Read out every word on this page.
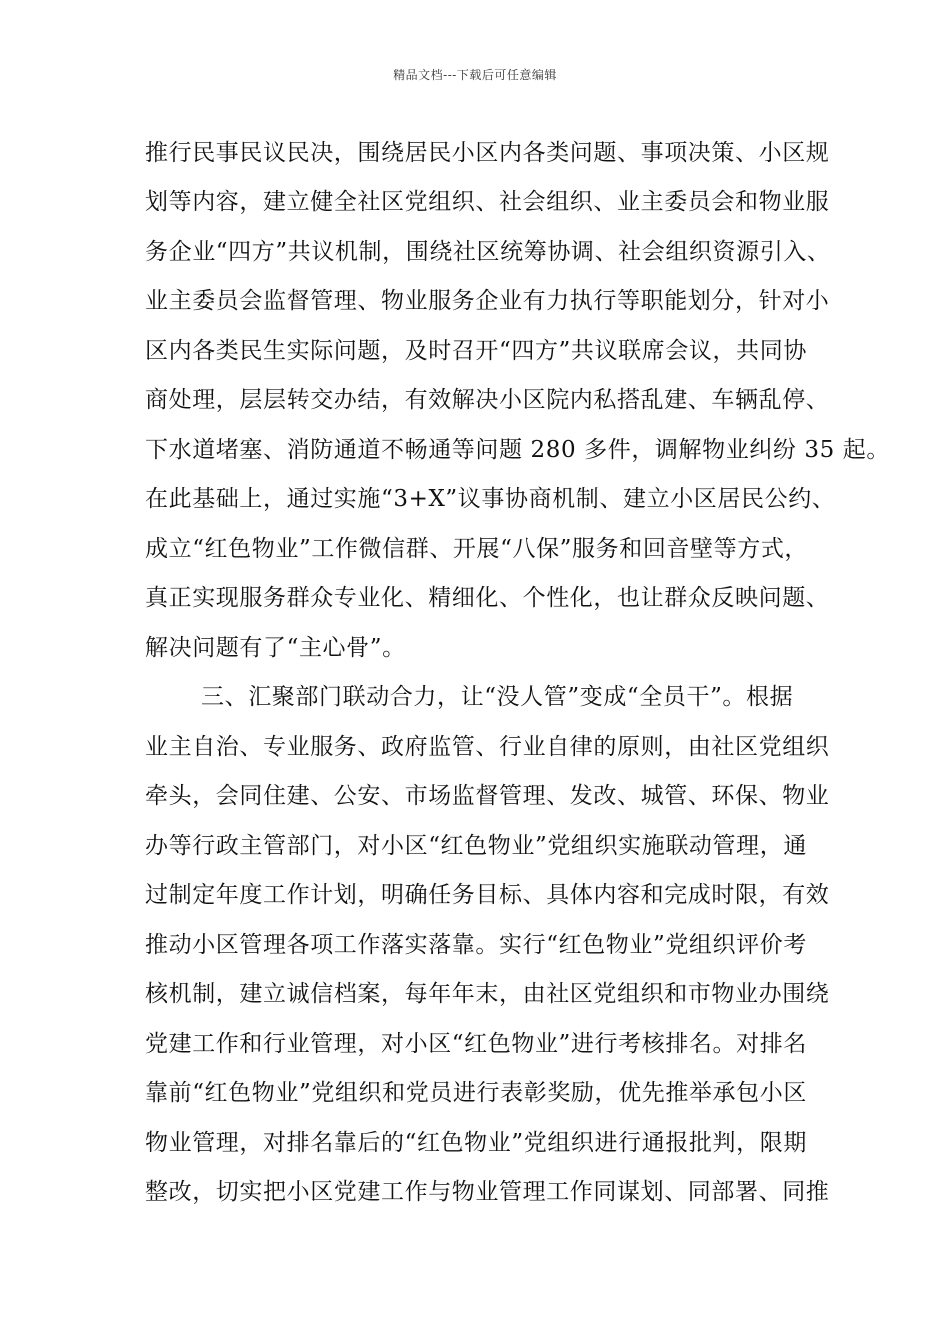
精品文档---下载后可任意编辑
推行民事民议民决，围绕居民小区内各类问题、事项决策、小区规
划等内容，建立健全社区党组织、社会组织、业主委员会和物业服
务企业“四方”共议机制，围绕社区统筹协调、社会组织资源引入、
业主委员会监督管理、物业服务企业有力执行等职能划分，针对小
区内各类民生实际问题，及时召开“四方”共议联席会议，共同协
商处理，层层转交办结，有效解决小区院内私搭乱建、车辆乱停、
下水道堵塞、消防通道不畅通等问题 280 多件，调解物业纠纷 35 起。
在此基础上，通过实施“3+X”议事协商机制、建立小区居民公约、
成立“红色物业”工作微信群、开展“八保”服务和回音壁等方式，
真正实现服务群众专业化、精细化、个性化，也让群众反映问题、
解决问题有了“主心骨”。
三、汇聚部门联动合力，让“没人管”变成“全员干”。根据
业主自治、专业服务、政府监管、行业自律的原则，由社区党组织
牵头，会同住建、公安、市场监督管理、发改、城管、环保、物业
办等行政主管部门，对小区“红色物业”党组织实施联动管理，通
过制定年度工作计划，明确任务目标、具体内容和完成时限，有效
推动小区管理各项工作落实落靠。实行“红色物业”党组织评价考
核机制，建立诚信档案，每年年末，由社区党组织和市物业办围绕
党建工作和行业管理，对小区“红色物业”进行考核排名。对排名
靠前“红色物业”党组织和党员进行表彰奖励，优先推举承包小区
物业管理，对排名靠后的“红色物业”党组织进行通报批判，限期
整改，切实把小区党建工作与物业管理工作同谋划、同部署、同推
